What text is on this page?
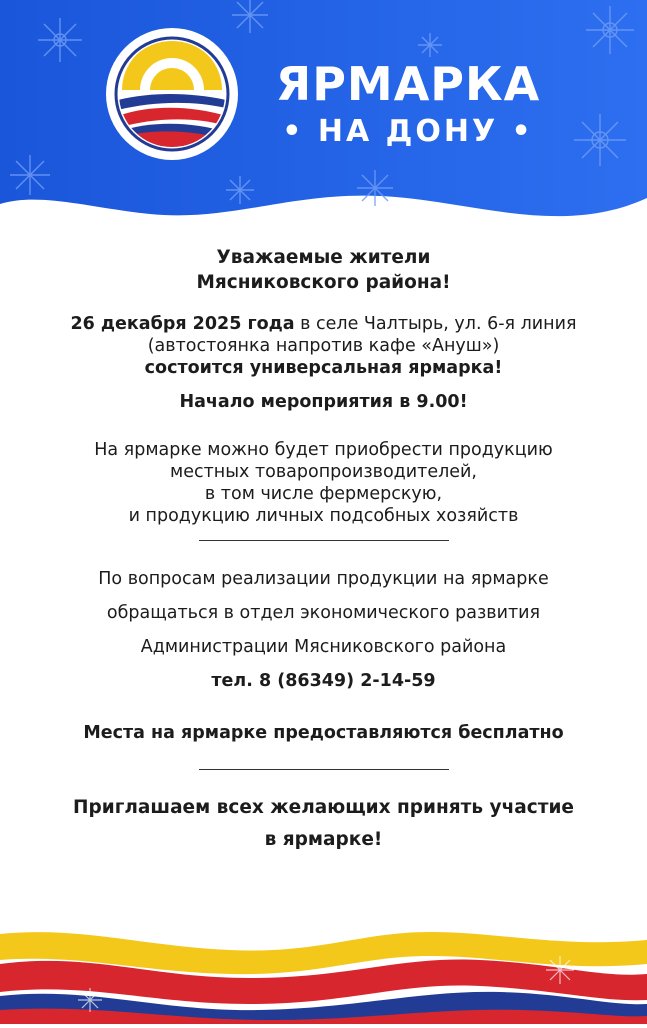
ЯРМАРКА
• НА ДОНУ •

Уважаемые жители

Мясниковского района!

26 декабря 2025 года в селе Чалтырь, ул. 6-я линия

(автостоянка напротив кафе «Ануш»)

состоится универсальная ярмарка!

Начало мероприятия в 9.00!

На ярмарке можно будет приобрести продукцию

местных товаропроизводителей,

в том числе фермерскую,

и продукцию личных подсобных хозяйств

По вопросам реализации продукции на ярмарке

обращаться в отдел экономического развития

Администрации Мясниковского района

тел. 8 (86349) 2-14-59

Места на ярмарке предоставляются бесплатно

Приглашаем всех желающих принять участие

в ярмарке!
